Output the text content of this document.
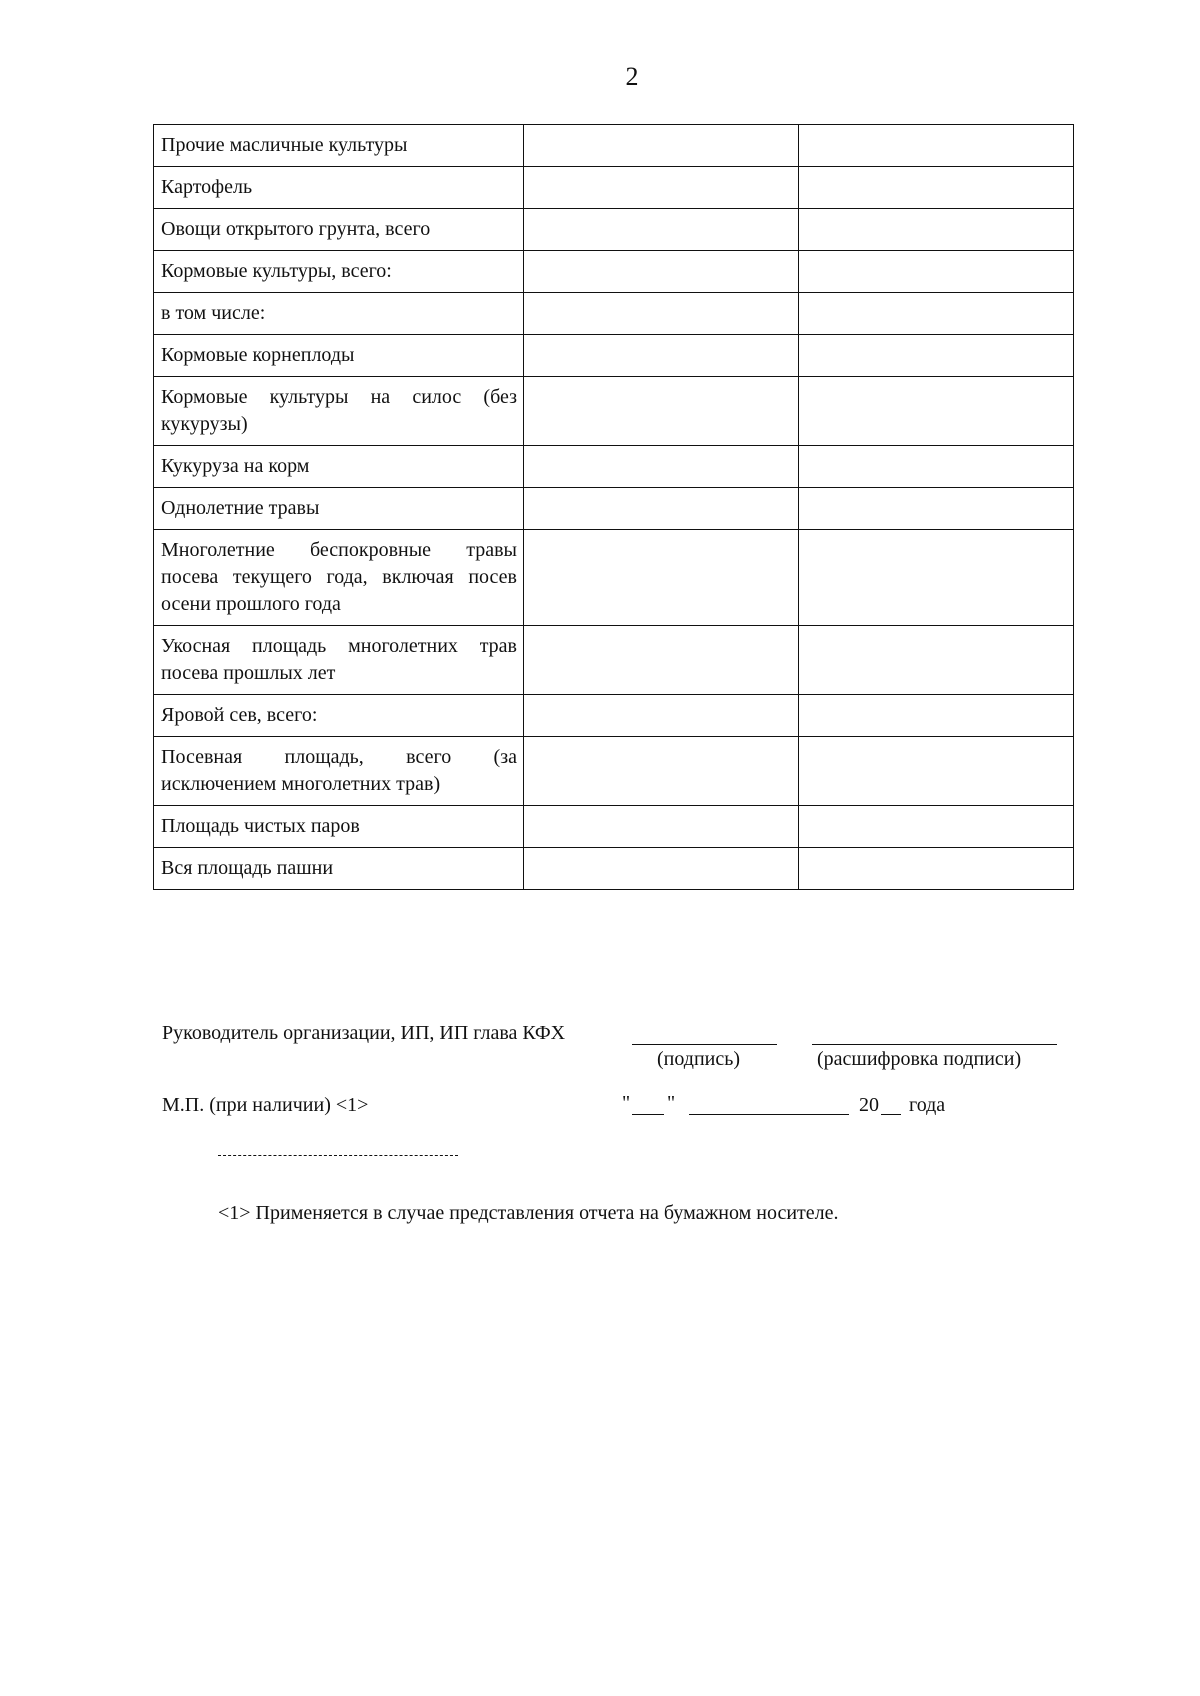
2
Прочие масличные культуры		
Картофель		
Овощи открытого грунта, всего		
Кормовые культуры, всего:		
в том числе:		
Кормовые корнеплоды		
Кормовые культуры на силос (без кукурузы)		
Кукуруза на корм		
Однолетние травы		
Многолетние беспокровные травы посева текущего года, включая посев осени прошлого года		
Укосная площадь многолетних трав посева прошлых лет		
Яровой сев, всего:		
Посевная площадь, всего (за исключением многолетних трав)		
Площадь чистых паров		
Вся площадь пашни		
Руководитель организации, ИП, ИП глава КФХ
(подпись)	(расшифровка подписи)
М.П. (при наличии) <1>	" "	20 года
<1> Применяется в случае представления отчета на бумажном носителе.
